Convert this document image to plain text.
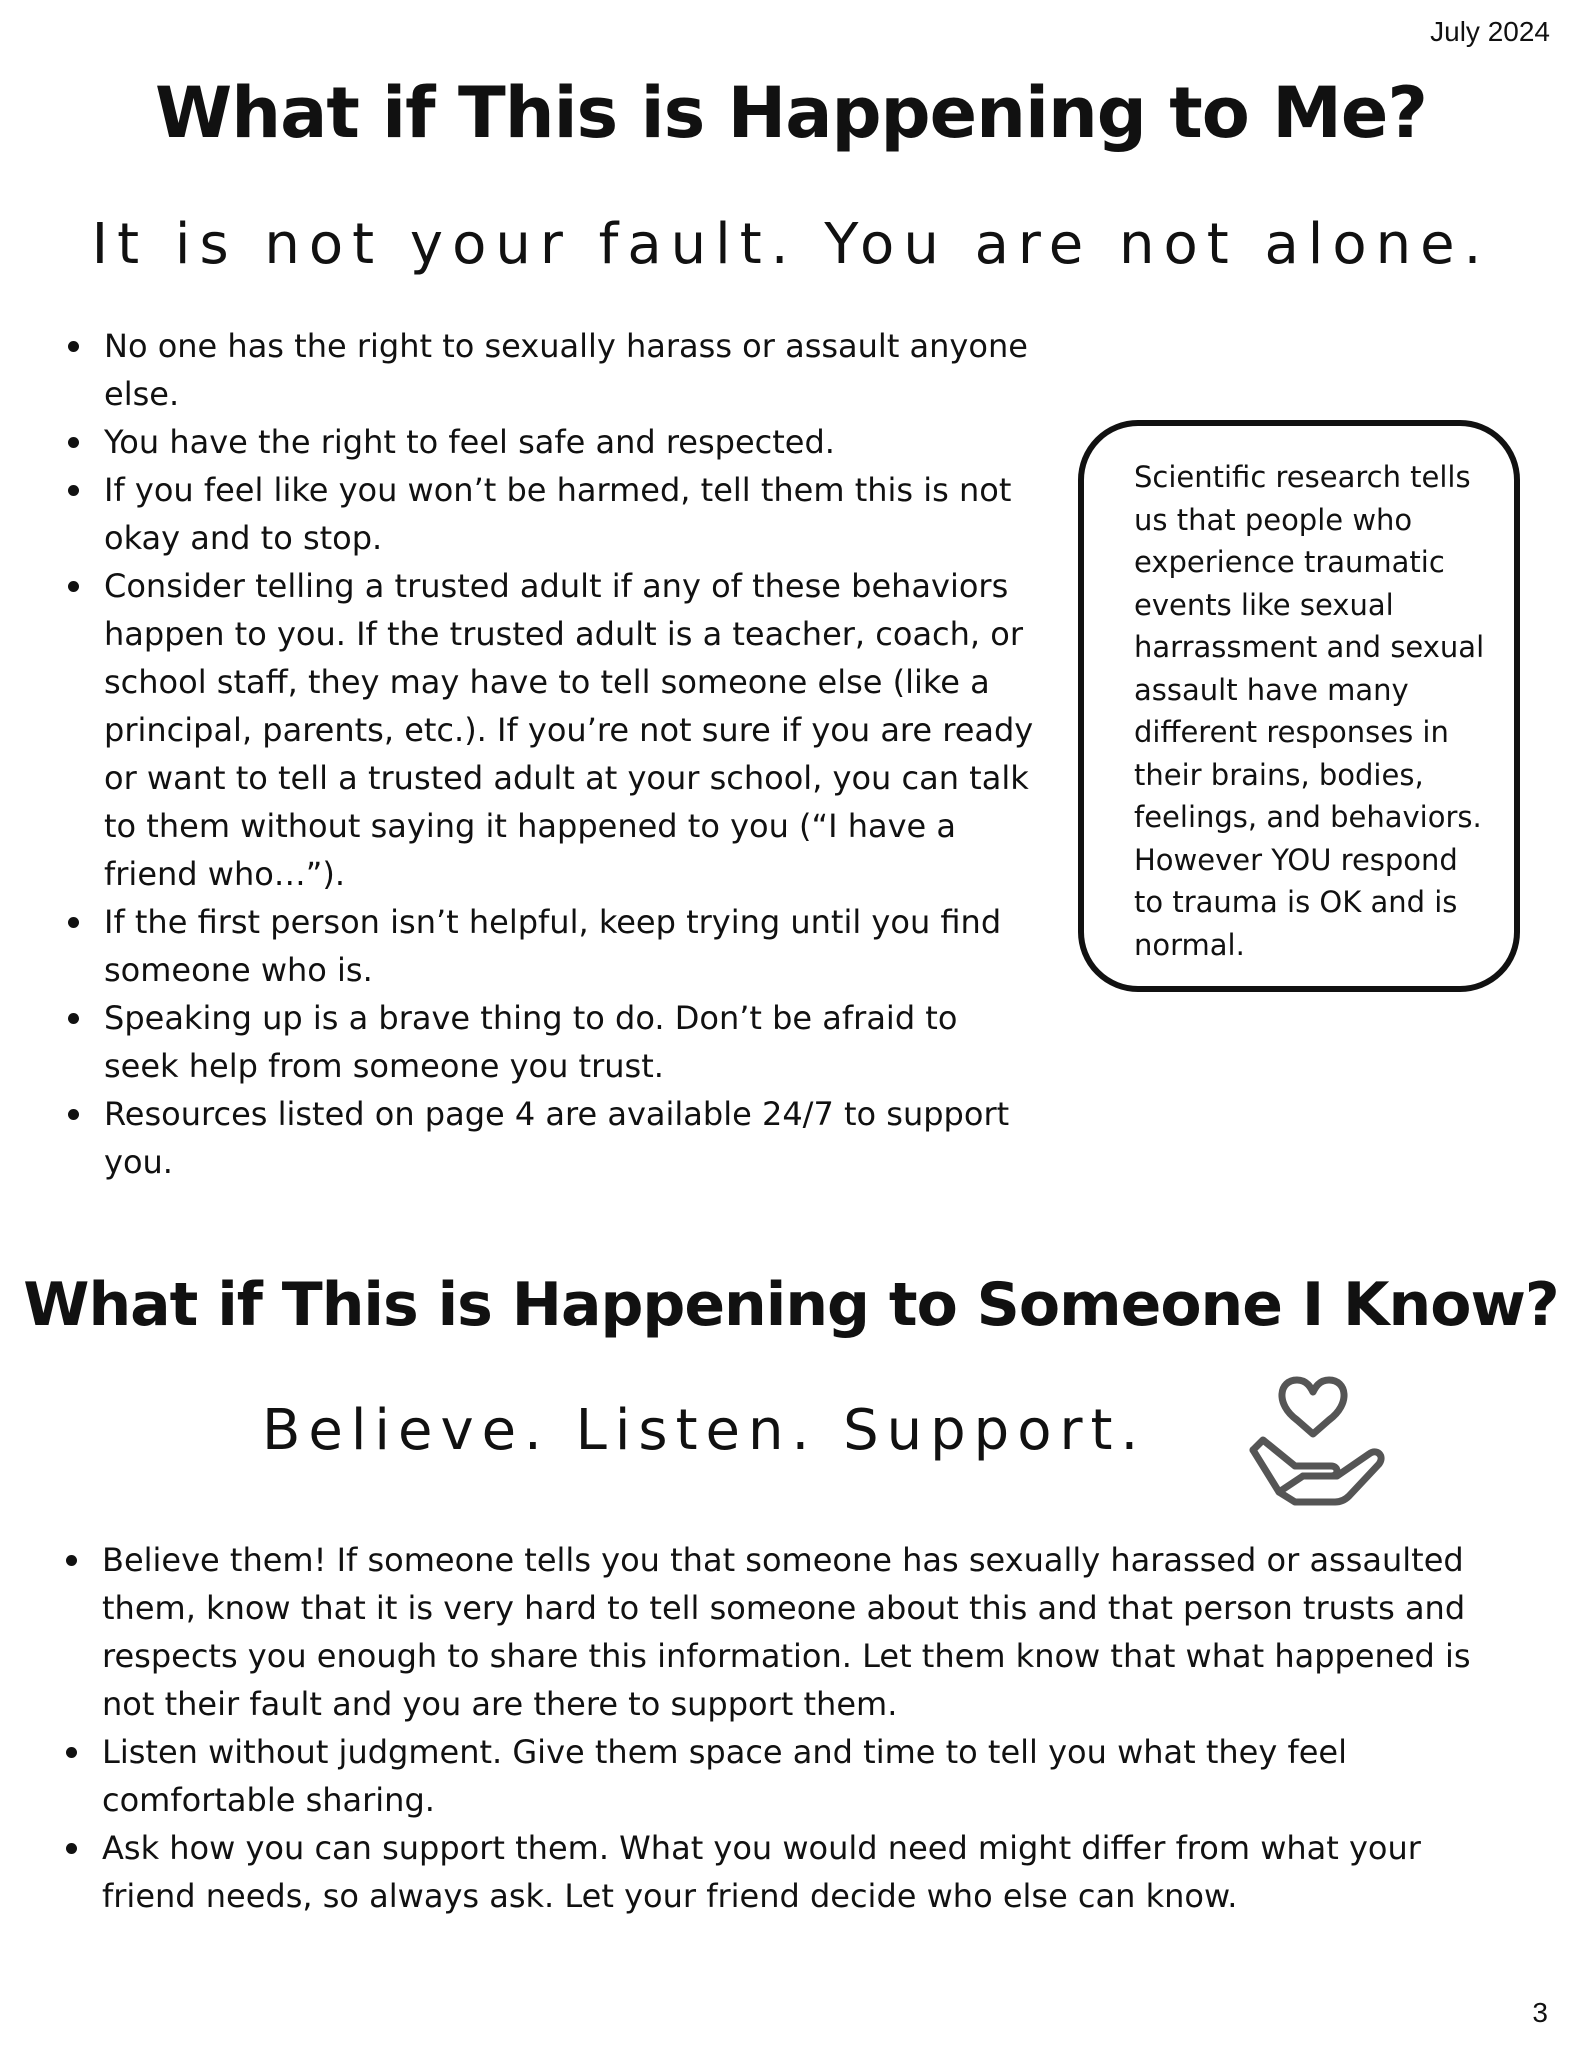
July 2024
What if This is Happening to Me?
It is not your fault. You are not alone.
No one has the right to sexually harass or assault anyone else.
You have the right to feel safe and respected.
If you feel like you won’t be harmed, tell them this is not okay and to stop.
Consider telling a trusted adult if any of these behaviors happen to you. If the trusted adult is a teacher, coach, or school staff, they may have to tell someone else (like a principal, parents, etc.). If you’re not sure if you are ready or want to tell a trusted adult at your school, you can talk to them without saying it happened to you (“I have a friend who…”).
If the first person isn’t helpful, keep trying until you find someone who is.
Speaking up is a brave thing to do. Don’t be afraid to seek help from someone you trust.
Resources listed on page 4 are available 24/7 to support you.
Scientific research tells us that people who experience traumatic events like sexual harrassment and sexual assault have many different responses in their brains, bodies, feelings, and behaviors. However YOU respond to trauma is OK and is normal.
What if This is Happening to Someone I Know?
Believe. Listen. Support.
Believe them! If someone tells you that someone has sexually harassed or assaulted them, know that it is very hard to tell someone about this and that person trusts and respects you enough to share this information. Let them know that what happened is not their fault and you are there to support them.
Listen without judgment. Give them space and time to tell you what they feel comfortable sharing.
Ask how you can support them. What you would need might differ from what your friend needs, so always ask. Let your friend decide who else can know.
3
